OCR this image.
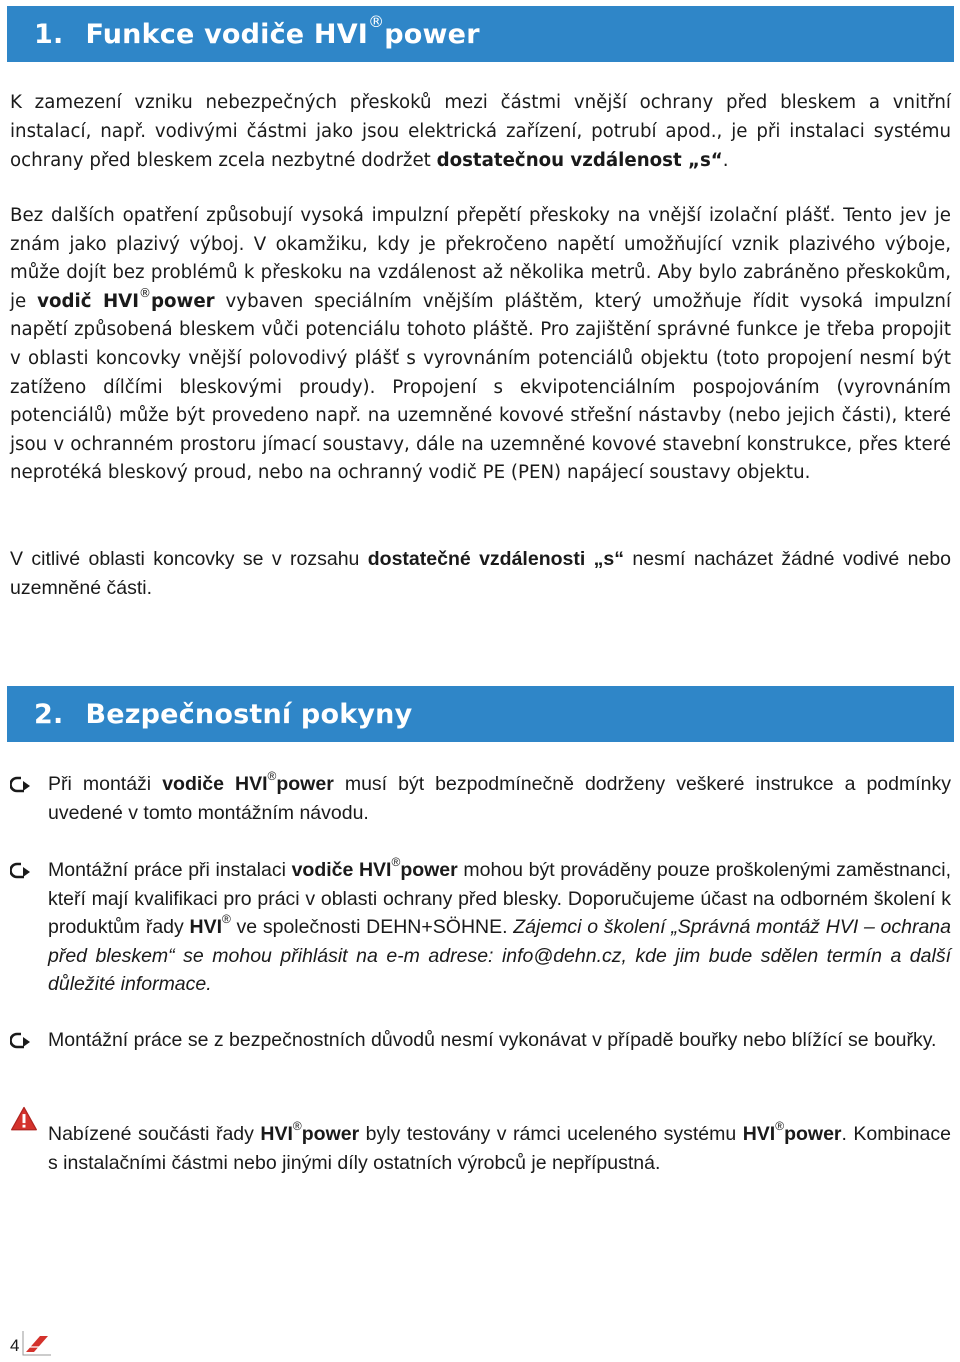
1. Funkce vodiče HVI®power

K zamezení vzniku nebezpečných přeskoků mezi částmi vnější ochrany před bleskem a vnitřní instalací, např. vodivými částmi jako jsou elektrická zařízení, potrubí apod., je při instalaci systému ochrany před bleskem zcela nezbytné dodržet dostatečnou vzdálenost „s“.

Bez dalších opatření způsobují vysoká impulzní přepětí přeskoky na vnější izolační plášť. Tento jev je znám jako plazivý výboj. V okamžiku, kdy je překročeno napětí umožňující vznik plazivého výboje, může dojít bez problémů k přeskoku na vzdálenost až několika metrů. Aby bylo zabráněno přeskokům, je vodič HVI®power vybaven speciálním vnějším pláštěm, který umožňuje řídit vysoká impulzní napětí způsobená bleskem vůči potenciálu tohoto pláště. Pro zajištění správné funkce je třeba propojit v oblasti koncovky vnější polovodivý plášť s vyrovnáním potenciálů objektu (toto propojení nesmí být zatíženo dílčími bleskovými proudy). Propojení s ekvipotenciálním pospojováním (vyrovnáním potenciálů) může být provedeno např. na uzemněné kovové střešní nástavby (nebo jejich části), které jsou v ochranném prostoru jímací soustavy, dále na uzemněné kovové stavební konstrukce, přes které neprotéká bleskový proud, nebo na ochranný vodič PE (PEN) napájecí soustavy objektu.

V citlivé oblasti koncovky se v rozsahu dostatečné vzdálenosti „s“ nesmí nacházet žádné vodivé nebo uzemněné části.

2. Bezpečnostní pokyny
Při montáži vodiče HVI®power musí být bezpodmínečně dodrženy veškeré instrukce a podmínky uvedené v tomto montážním návodu.
Montážní práce při instalaci vodiče HVI®power mohou být prováděny pouze proškolenými zaměstnanci, kteří mají kvalifikaci pro práci v oblasti ochrany před blesky. Doporučujeme účast na odborném školení k produktům řady HVI® ve společnosti DEHN+SÖHNE. Zájemci o školení „Správná montáž HVI – ochrana před bleskem“ se mohou přihlásit na e-m adrese: info@dehn.cz, kde jim bude sdělen termín a další důležité informace.
Montážní práce se z bezpečnostních důvodů nesmí vykonávat v případě bouřky nebo blížící se bouřky.
Nabízené součásti řady HVI®power byly testovány v rámci uceleného systému HVI®power. Kombinace s instalačními částmi nebo jinými díly ostatních výrobců je nepřípustná.
4
